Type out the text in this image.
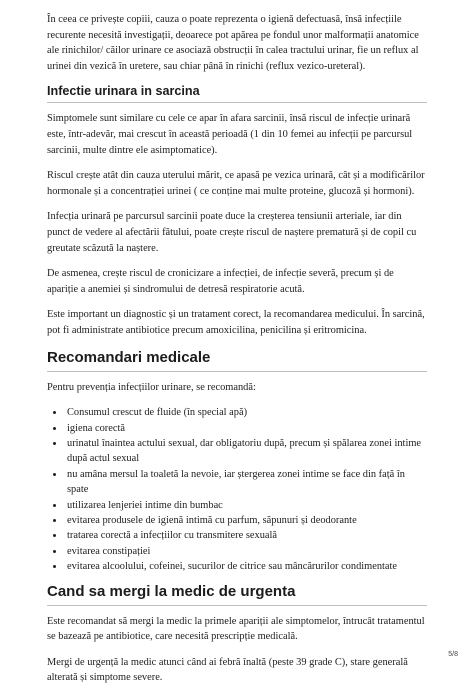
În ceea ce privește copiii, cauza o poate reprezenta o igienă defectuasă, însă infecțiile recurente necesită investigații, deoarece pot apărea pe fondul unor malformații anatomice ale rinichilor/ căilor urinare ce asociază obstrucții în calea tractului urinar, fie un reflux al urinei din vezică în uretere, sau chiar până în rinichi (reflux vezico-ureteral).

Infectie urinara in sarcina

Simptomele sunt similare cu cele ce apar în afara sarcinii, însă riscul de infecție urinară este, într-adevăr, mai crescut în această perioadă (1 din 10 femei au infecții pe parcursul sarcinii, multe dintre ele asimptomatice).

Riscul crește atât din cauza uterului mărit, ce apasă pe vezica urinară, cât și a modificărilor hormonale și a concentrației urinei ( ce conține mai multe proteine, glucoză și hormoni).

Infecția urinară pe parcursul sarcinii poate duce la creșterea tensiunii arteriale, iar din punct de vedere al afectării fătului, poate crește riscul de naștere prematură și de copil cu greutate scăzută la naștere.

De asmenea, crește riscul de cronicizare a infecției, de infecție severă, precum și de apariție a anemiei și sindromului de detresă respiratorie acută.

Este important un diagnostic și un tratament corect, la recomandarea medicului. În sarcină, pot fi administrate antibiotice precum amoxicilina, penicilina și eritromicina.

Recomandari medicale

Pentru prevenția infecțiilor urinare, se recomandă:

• Consumul crescut de fluide (în special apă)
• igiena corectă
• urinatul înaintea actului sexual, dar obligatoriu după, precum și spălarea zonei intime după actul sexual
• nu amâna mersul la toaletă la nevoie, iar ștergerea zonei intime se face din față în spate
• utilizarea lenjeriei intime din bumbac
• evitarea produsele de igienă intimă cu parfum, săpunuri și deodorante
• tratarea corectă a infecțiilor cu transmitere sexuală
• evitarea constipației
• evitarea alcoolului, cofeinei, sucurilor de citrice sau mâncărurilor condimentate
Cand sa mergi la medic de urgenta

Este recomandat să mergi la medic la primele apariții ale simptomelor, întrucât tratamentul se bazează pe antibiotice, care necesită prescripție medicală.

Mergi de urgență la medic atunci când ai febră înaltă (peste 39 grade C), stare generală alterată și simptome severe.

5/8
